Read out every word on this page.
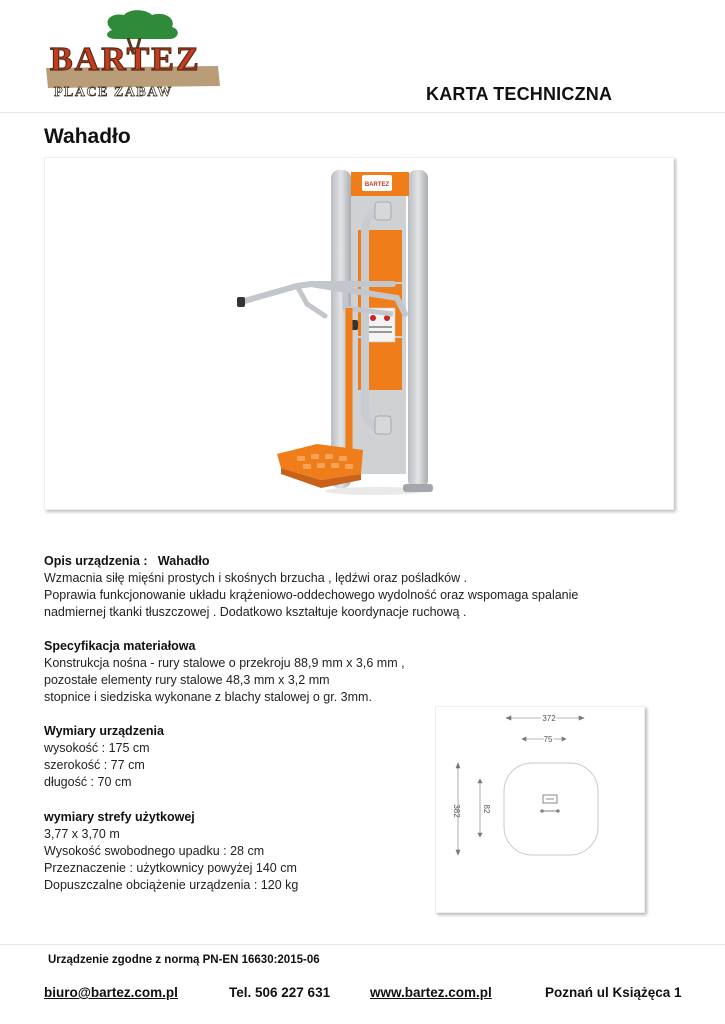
BARTEZ
PLACE ZABAW	KARTA TECHNICZNA
Wahadło
BARTEZ
Opis urządzenia : Wahadło
Wzmacnia siłę mięśni prostych i skośnych brzucha , lędźwi oraz pośladków .
Poprawia funkcjonowanie układu krążeniowo-oddechowego wydolność oraz wspomaga spalanie
nadmiernej tkanki tłuszczowej . Dodatkowo kształtuje koordynacje ruchową .
Specyfikacja materiałowa
Konstrukcja nośna - rury stalowe o przekroju 88,9 mm x 3,6 mm ,
pozostałe elementy rury stalowe 48,3 mm x 3,2 mm
stopnice i siedziska wykonane z blachy stalowej o gr. 3mm.
Wymiary urządzenia
wysokość : 175 cm
szerokość : 77 cm
długość : 70 cm
wymiary strefy użytkowej
3,77 x 3,70 m
Wysokość swobodnego upadku : 28 cm
Przeznaczenie : użytkownicy powyżej 140 cm
Dopuszczalne obciążenie urządzenia : 120 kg
372
75
382	82
Urządzenie zgodne z normą PN-EN 16630:2015-06
biuro@bartez.com.pl	Tel. 506 227 631	www.bartez.com.pl	Poznań ul Książęca 1
